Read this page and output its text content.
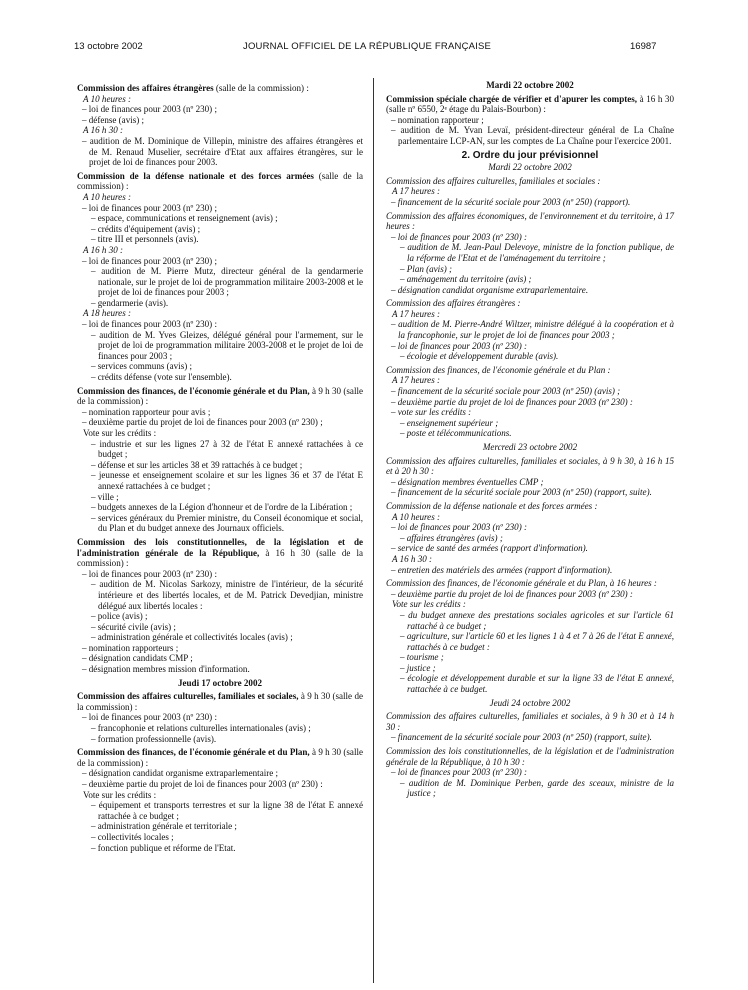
13 octobre 2002	JOURNAL OFFICIEL DE LA RÉPUBLIQUE FRANÇAISE	16987
Commission des affaires étrangères (salle de la commission) :
A 10 heures :
– loi de finances pour 2003 (nº 230) ;
– défense (avis) ;
A 16 h 30 :
– audition de M. Dominique de Villepin, ministre des affaires étrangères et de M. Renaud Muselier, secrétaire d'Etat aux affaires étrangères, sur le projet de loi de finances pour 2003.
Commission de la défense nationale et des forces armées (salle de la commission) :
A 10 heures :
– loi de finances pour 2003 (nº 230) ;
– espace, communications et renseignement (avis) ;
– crédits d'équipement (avis) ;
– titre III et personnels (avis).
A 16 h 30 :
– loi de finances pour 2003 (nº 230) ;
– audition de M. Pierre Mutz, directeur général de la gendarmerie nationale, sur le projet de loi de programmation militaire 2003-2008 et le projet de loi de finances pour 2003 ;
– gendarmerie (avis).
A 18 heures :
– loi de finances pour 2003 (nº 230) :
– audition de M. Yves Gleizes, délégué général pour l'armement, sur le projet de loi de programmation militaire 2003-2008 et le projet de loi de finances pour 2003 ;
– services communs (avis) ;
– crédits défense (vote sur l'ensemble).
Commission des finances, de l'économie générale et du Plan, à 9 h 30 (salle de la commission) :
– nomination rapporteur pour avis ;
– deuxième partie du projet de loi de finances pour 2003 (nº 230) ;
Vote sur les crédits :
– industrie et sur les lignes 27 à 32 de l'état E annexé rattachées à ce budget ;
– défense et sur les articles 38 et 39 rattachés à ce budget ;
– jeunesse et enseignement scolaire et sur les lignes 36 et 37 de l'état E annexé rattachées à ce budget ;
– ville ;
– budgets annexes de la Légion d'honneur et de l'ordre de la Libération ;
– services généraux du Premier ministre, du Conseil économique et social, du Plan et du budget annexe des Journaux officiels.
Commission des lois constitutionnelles, de la législation et de l'administration générale de la République, à 16 h 30 (salle de la commission) :
– loi de finances pour 2003 (nº 230) :
– audition de M. Nicolas Sarkozy, ministre de l'intérieur, de la sécurité intérieure et des libertés locales, et de M. Patrick Devedjian, ministre délégué aux libertés locales :
– police (avis) ;
– sécurité civile (avis) ;
– administration générale et collectivités locales (avis) ;
– nomination rapporteurs ;
– désignation candidats CMP ;
– désignation membres mission d'information.
Jeudi 17 octobre 2002
Commission des affaires culturelles, familiales et sociales, à 9 h 30 (salle de la commission) :
– loi de finances pour 2003 (nº 230) :
– francophonie et relations culturelles internationales (avis) ;
– formation professionnelle (avis).
Commission des finances, de l'économie générale et du Plan, à 9 h 30 (salle de la commission) :
– désignation candidat organisme extraparlementaire ;
– deuxième partie du projet de loi de finances pour 2003 (nº 230) :
Vote sur les crédits :
– équipement et transports terrestres et sur la ligne 38 de l'état E annexé rattachée à ce budget ;
– administration générale et territoriale ;
– collectivités locales ;
– fonction publique et réforme de l'Etat.
Mardi 22 octobre 2002
Commission spéciale chargée de vérifier et d'apurer les comptes, à 16 h 30 (salle nº 6550, 2ᵉ étage du Palais-Bourbon) :
– nomination rapporteur ;
– audition de M. Yvan Levaï, président-directeur général de La Chaîne parlementaire LCP-AN, sur les comptes de La Chaîne pour l'exercice 2001.
2. Ordre du jour prévisionnel
Mardi 22 octobre 2002
Commission des affaires culturelles, familiales et sociales :
A 17 heures :
– financement de la sécurité sociale pour 2003 (nº 250) (rapport).
Commission des affaires économiques, de l'environnement et du territoire, à 17 heures :
– loi de finances pour 2003 (nº 230) :
– audition de M. Jean-Paul Delevoye, ministre de la fonction publique, de la réforme de l'Etat et de l'aménagement du territoire ;
– Plan (avis) ;
– aménagement du territoire (avis) ;
– désignation candidat organisme extraparlementaire.
Commission des affaires étrangères :
A 17 heures :
– audition de M. Pierre-André Wiltzer, ministre délégué à la coopération et à la francophonie, sur le projet de loi de finances pour 2003 ;
– loi de finances pour 2003 (nº 230) :
– écologie et développement durable (avis).
Commission des finances, de l'économie générale et du Plan :
A 17 heures :
– financement de la sécurité sociale pour 2003 (nº 250) (avis) ;
– deuxième partie du projet de loi de finances pour 2003 (nº 230) :
– vote sur les crédits :
– enseignement supérieur ;
– poste et télécommunications.
Mercredi 23 octobre 2002
Commission des affaires culturelles, familiales et sociales, à 9 h 30, à 16 h 15 et à 20 h 30 :
– désignation membres éventuelles CMP ;
– financement de la sécurité sociale pour 2003 (nº 250) (rapport, suite).
Commission de la défense nationale et des forces armées :
A 10 heures :
– loi de finances pour 2003 (nº 230) :
– affaires étrangères (avis) ;
– service de santé des armées (rapport d'information).
A 16 h 30 :
– entretien des matériels des armées (rapport d'information).
Commission des finances, de l'économie générale et du Plan, à 16 heures :
– deuxième partie du projet de loi de finances pour 2003 (nº 230) :
Vote sur les crédits :
– du budget annexe des prestations sociales agricoles et sur l'article 61 rattaché à ce budget ;
– agriculture, sur l'article 60 et les lignes 1 à 4 et 7 à 26 de l'état E annexé, rattachés à ce budget :
– tourisme ;
– justice ;
– écologie et développement durable et sur la ligne 33 de l'état E annexé, rattachée à ce budget.
Jeudi 24 octobre 2002
Commission des affaires culturelles, familiales et sociales, à 9 h 30 et à 14 h 30 :
– financement de la sécurité sociale pour 2003 (nº 250) (rapport, suite).
Commission des lois constitutionnelles, de la législation et de l'administration générale de la République, à 10 h 30 :
– loi de finances pour 2003 (nº 230) :
– audition de M. Dominique Perben, garde des sceaux, ministre de la justice ;
